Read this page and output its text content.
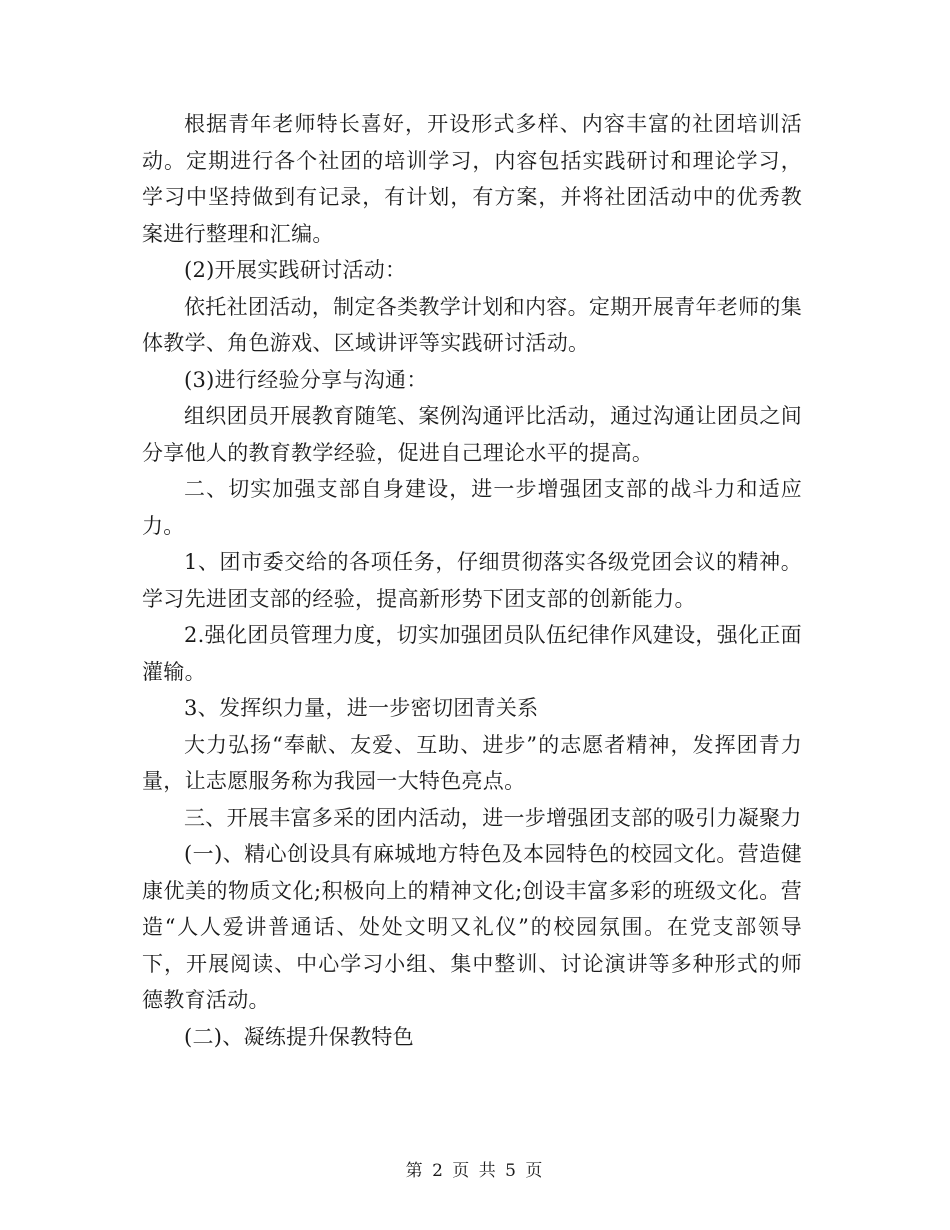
根据青年老师特长喜好，开设形式多样、内容丰富的社团培训活动。定期进行各个社团的培训学习，内容包括实践研讨和理论学习，学习中坚持做到有记录，有计划，有方案，并将社团活动中的优秀教案进行整理和汇编。

(2)开展实践研讨活动：

依托社团活动，制定各类教学计划和内容。定期开展青年老师的集体教学、角色游戏、区域讲评等实践研讨活动。

(3)进行经验分享与沟通：

组织团员开展教育随笔、案例沟通评比活动，通过沟通让团员之间分享他人的教育教学经验，促进自己理论水平的提高。

二、切实加强支部自身建设，进一步增强团支部的战斗力和适应力。

1、团市委交给的各项任务，仔细贯彻落实各级党团会议的精神。学习先进团支部的经验，提高新形势下团支部的创新能力。

2.强化团员管理力度，切实加强团员队伍纪律作风建设，强化正面灌输。

3、发挥织力量，进一步密切团青关系

大力弘扬“奉献、友爱、互助、进步”的志愿者精神，发挥团青力量，让志愿服务称为我园一大特色亮点。

三、开展丰富多采的团内活动，进一步增强团支部的吸引力凝聚力

(一)、精心创设具有麻城地方特色及本园特色的校园文化。营造健康优美的物质文化;积极向上的精神文化;创设丰富多彩的班级文化。营造“人人爱讲普通话、处处文明又礼仪”的校园氛围。在党支部领导下，开展阅读、中心学习小组、集中整训、讨论演讲等多种形式的师德教育活动。

(二)、凝练提升保教特色

第 2 页 共 5 页
